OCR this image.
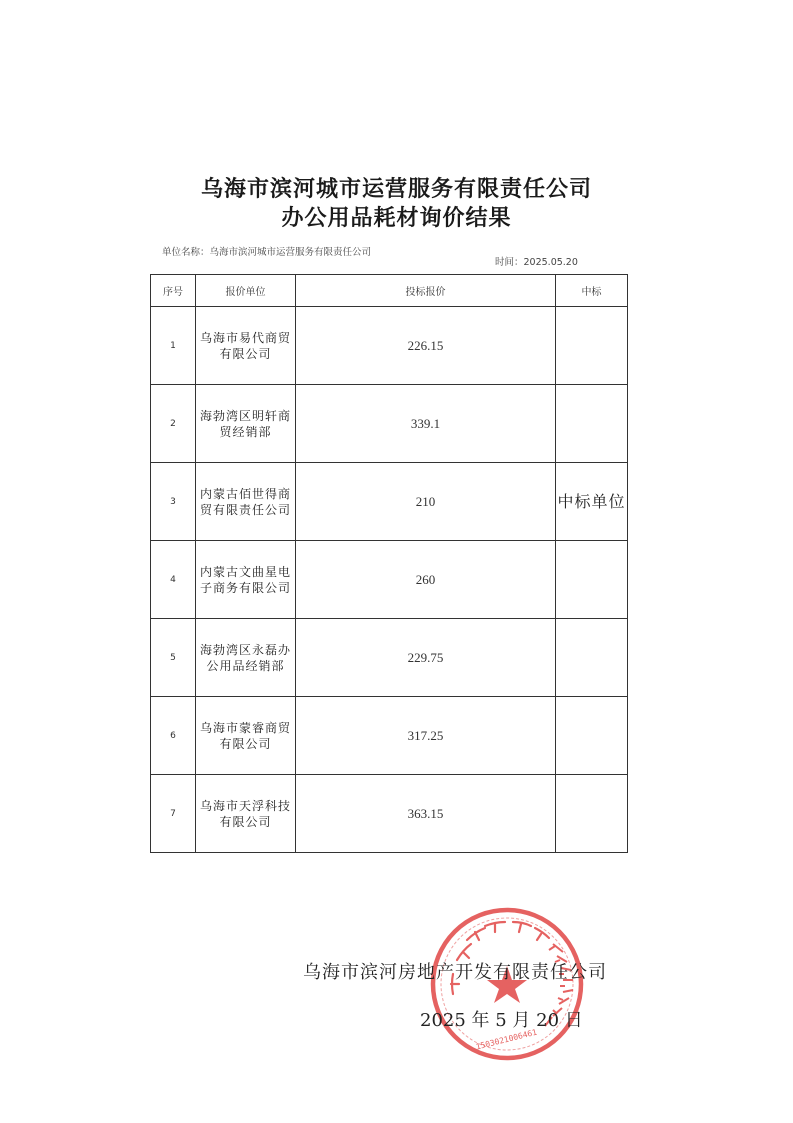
乌海市滨河城市运营服务有限责任公司
办公用品耗材询价结果
单位名称：乌海市滨河城市运营服务有限责任公司
时间：2025.05.20
序号	报价单位	投标报价	中标
1	乌海市易代商贸有限公司	226.15	
2	海勃湾区明轩商贸经销部	339.1	
3	内蒙古佰世得商贸有限责任公司	210	中标单位
4	内蒙古文曲星电子商务有限公司	260	
5	海勃湾区永磊办公用品经销部	229.75	
6	乌海市蒙睿商贸有限公司	317.25	
7	乌海市天浮科技有限公司	363.15	
1503021006461
乌海市滨河房地产开发有限责任公司
2025 年 5 月 20 日
